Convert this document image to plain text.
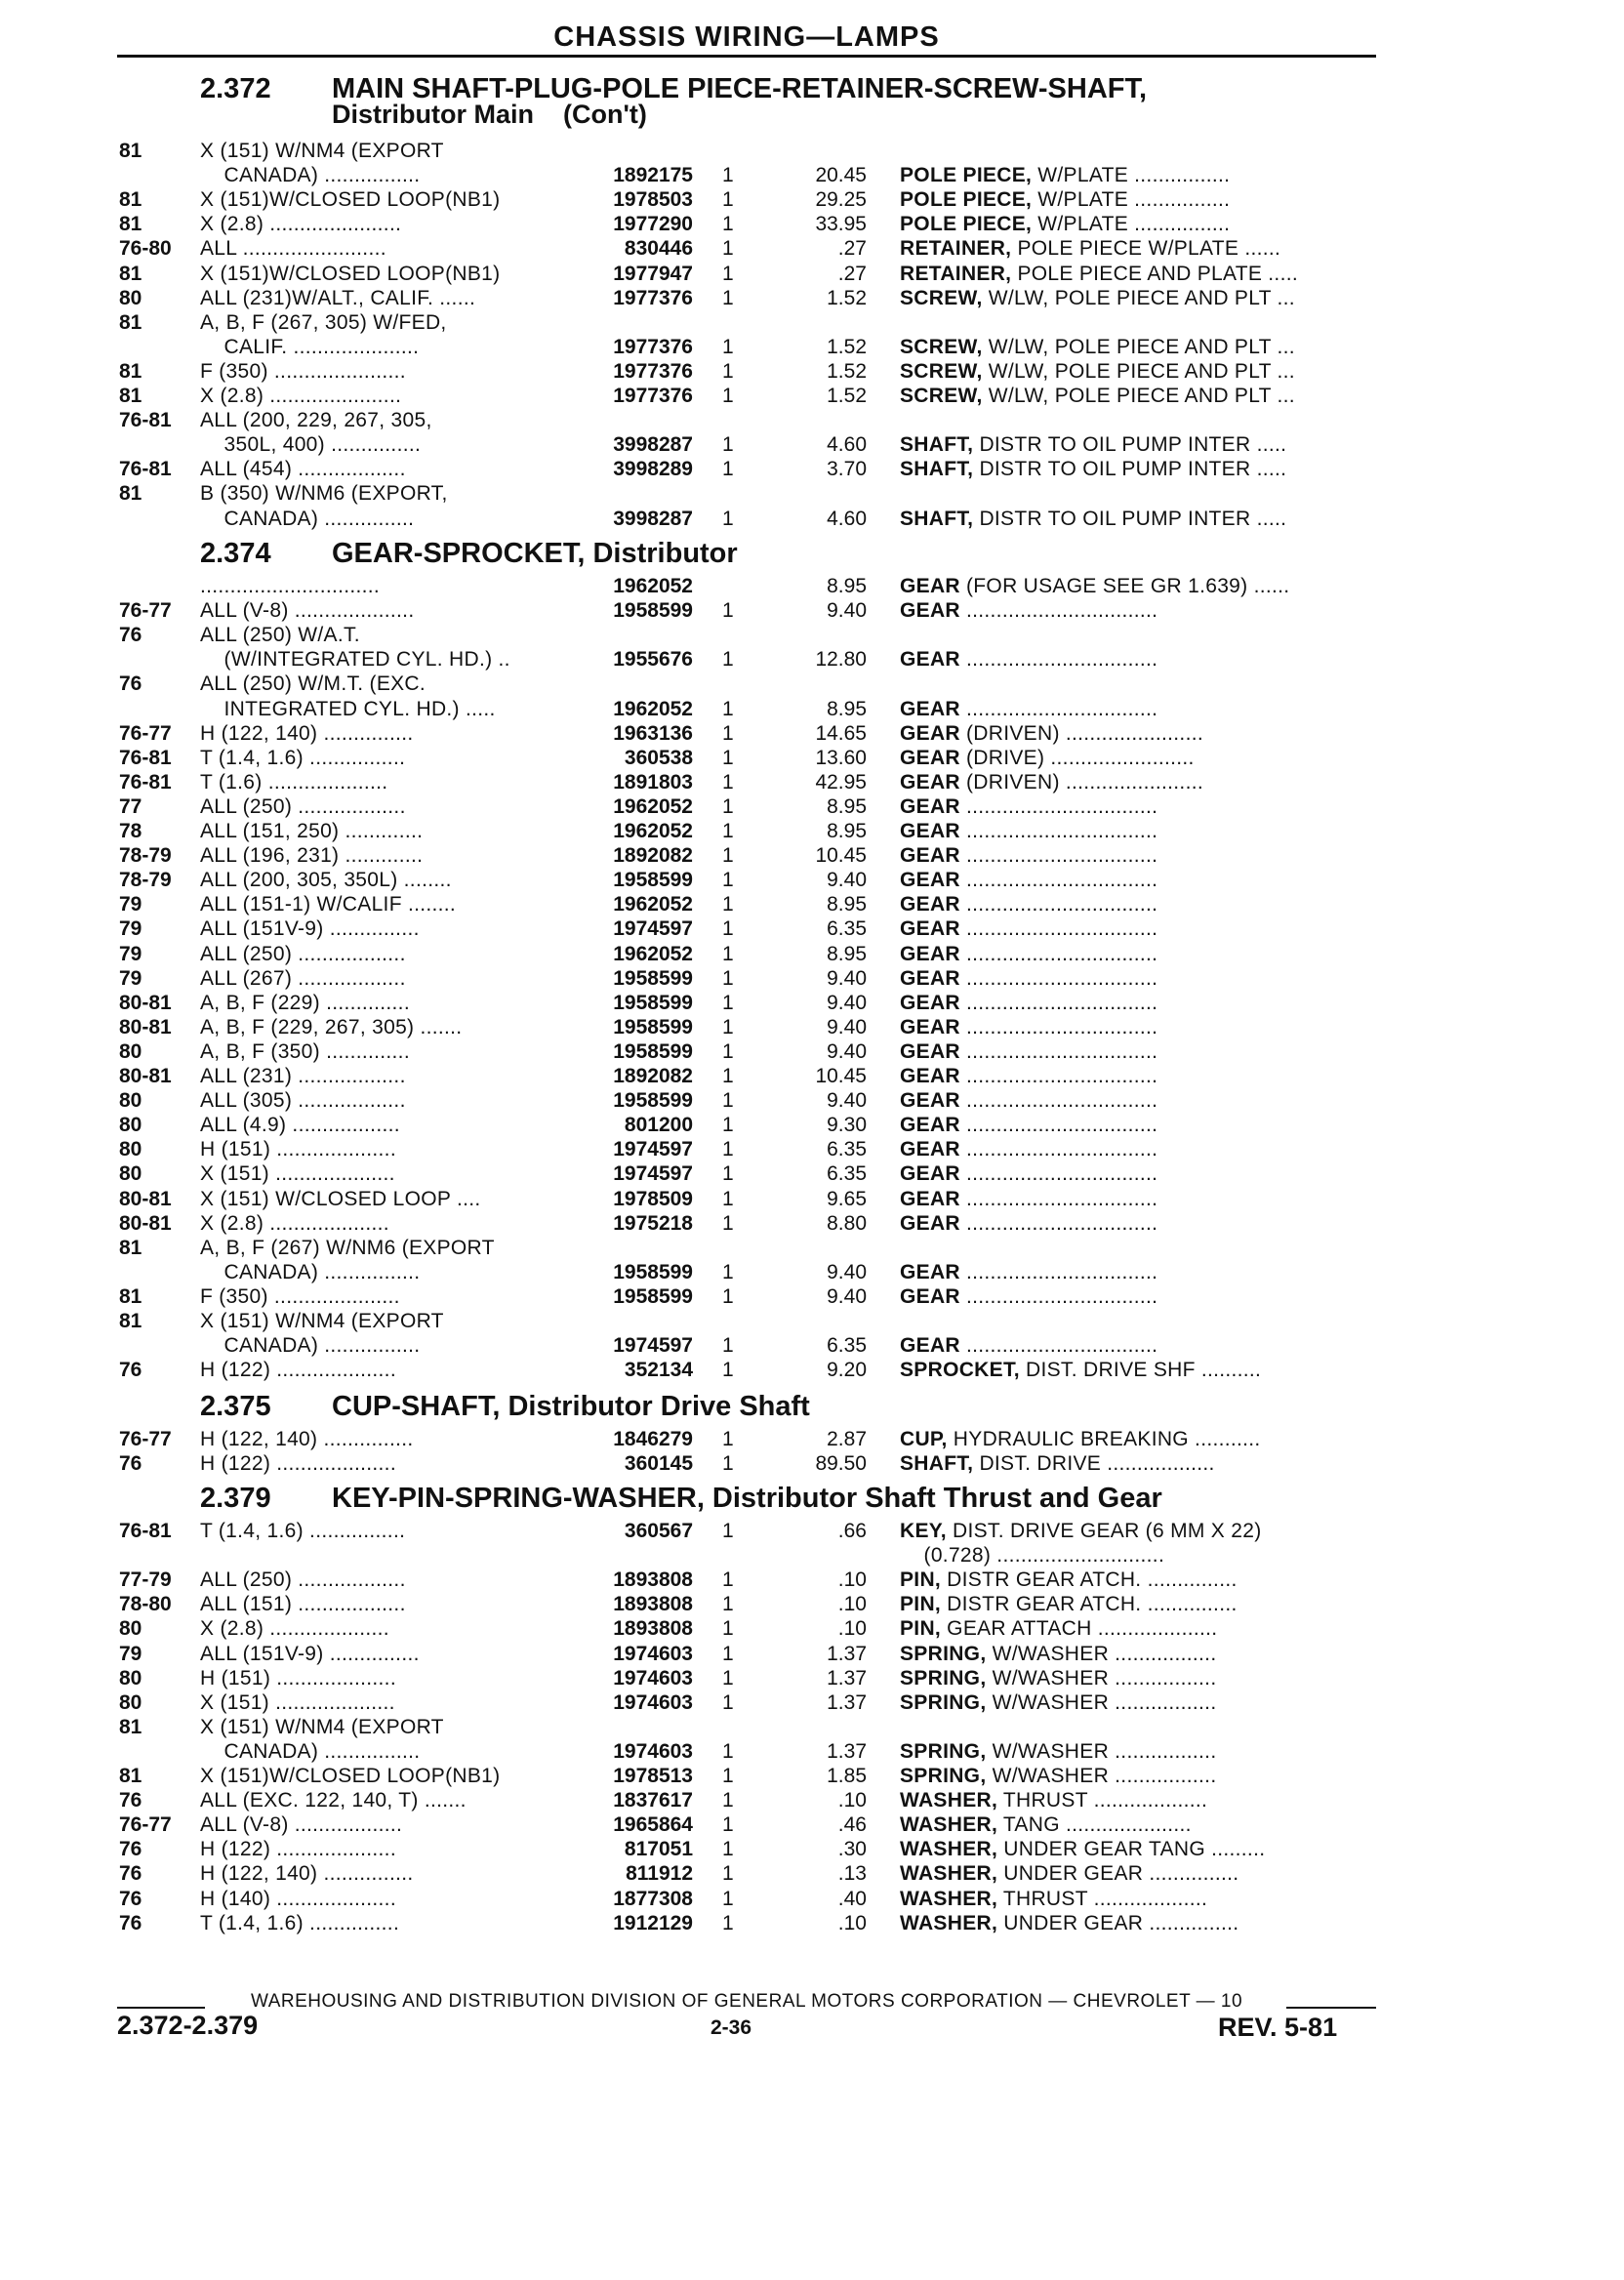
CHASSIS WIRING—LAMPS
2.372 MAIN SHAFT-PLUG-POLE PIECE-RETAINER-SCREW-SHAFT,
Distributor Main    (Con't)
81	X (151) W/NM4 (EXPORT
CANADA) ................	1892175 1	20.45 POLE PIECE, W/PLATE ................
81	X (151)W/CLOSED LOOP(NB1)	1978503 1	29.25 POLE PIECE, W/PLATE ................
81	X (2.8) ......................	1977290 1	33.95 POLE PIECE, W/PLATE ................
76-80	ALL ........................	830446 1	.27 RETAINER, POLE PIECE W/PLATE ......
81	X (151)W/CLOSED LOOP(NB1)	1977947 1	.27 RETAINER, POLE PIECE AND PLATE .....
80	ALL (231)W/ALT., CALIF. ......	1977376 1	1.52 SCREW, W/LW, POLE PIECE AND PLT ...
81	A, B, F (267, 305) W/FED,
CALIF. .....................	1977376 1	1.52 SCREW, W/LW, POLE PIECE AND PLT ...
81	F (350) ......................	1977376 1	1.52 SCREW, W/LW, POLE PIECE AND PLT ...
81	X (2.8) ......................	1977376 1	1.52 SCREW, W/LW, POLE PIECE AND PLT ...
76-81	ALL (200, 229, 267, 305,
350L, 400) ...............	3998287 1	4.60 SHAFT, DISTR TO OIL PUMP INTER .....
76-81	ALL (454) ..................	3998289 1	3.70 SHAFT, DISTR TO OIL PUMP INTER .....
81	B (350) W/NM6 (EXPORT,
CANADA) ...............	3998287 1	4.60 SHAFT, DISTR TO OIL PUMP INTER .....
2.374 GEAR-SPROCKET, Distributor
..............................	1962052	8.95 GEAR (FOR USAGE SEE GR 1.639) ......
76-77	ALL (V-8) ....................	1958599 1	9.40 GEAR ................................
76	ALL (250) W/A.T.
(W/INTEGRATED CYL. HD.) ..	1955676 1	12.80 GEAR ................................
76	ALL (250) W/M.T. (EXC.
INTEGRATED CYL. HD.) .....	1962052 1	8.95 GEAR ................................
76-77	H (122, 140) ...............	1963136 1	14.65 GEAR (DRIVEN) .......................
76-81	T (1.4, 1.6) ................	360538 1	13.60 GEAR (DRIVE) ........................
76-81	T (1.6) ....................	1891803 1	42.95 GEAR (DRIVEN) .......................
77	ALL (250) ..................	1962052 1	8.95 GEAR ................................
78	ALL (151, 250) .............	1962052 1	8.95 GEAR ................................
78-79	ALL (196, 231) .............	1892082 1	10.45 GEAR ................................
78-79	ALL (200, 305, 350L) ........	1958599 1	9.40 GEAR ................................
79	ALL (151-1) W/CALIF ........	1962052 1	8.95 GEAR ................................
79	ALL (151V-9) ...............	1974597 1	6.35 GEAR ................................
79	ALL (250) ..................	1962052 1	8.95 GEAR ................................
79	ALL (267) ..................	1958599 1	9.40 GEAR ................................
80-81	A, B, F (229) ..............	1958599 1	9.40 GEAR ................................
80-81	A, B, F (229, 267, 305) .......	1958599 1	9.40 GEAR ................................
80	A, B, F (350) ..............	1958599 1	9.40 GEAR ................................
80-81	ALL (231) ..................	1892082 1	10.45 GEAR ................................
80	ALL (305) ..................	1958599 1	9.40 GEAR ................................
80	ALL (4.9) ..................	801200 1	9.30 GEAR ................................
80	H (151) ....................	1974597 1	6.35 GEAR ................................
80	X (151) ....................	1974597 1	6.35 GEAR ................................
80-81	X (151) W/CLOSED LOOP ....	1978509 1	9.65 GEAR ................................
80-81	X (2.8) ....................	1975218 1	8.80 GEAR ................................
81	A, B, F (267) W/NM6 (EXPORT
CANADA) ................	1958599 1	9.40 GEAR ................................
81	F (350) .....................	1958599 1	9.40 GEAR ................................
81	X (151) W/NM4 (EXPORT
CANADA) ................	1974597 1	6.35 GEAR ................................
76	H (122) ....................	352134 1	9.20 SPROCKET, DIST. DRIVE SHF ..........
2.375 CUP-SHAFT, Distributor Drive Shaft
76-77	H (122, 140) ...............	1846279 1	2.87 CUP, HYDRAULIC BREAKING ...........
76	H (122) ....................	360145 1	89.50 SHAFT, DIST. DRIVE ..................
2.379 KEY-PIN-SPRING-WASHER, Distributor Shaft Thrust and Gear
76-81	T (1.4, 1.6) ................	360567 1	.66 KEY, DIST. DRIVE GEAR (6 MM X 22)
(0.728) ............................
77-79	ALL (250) ..................	1893808 1	.10 PIN, DISTR GEAR ATCH. ...............
78-80	ALL (151) ..................	1893808 1	.10 PIN, DISTR GEAR ATCH. ...............
80	X (2.8) ....................	1893808 1	.10 PIN, GEAR ATTACH ....................
79	ALL (151V-9) ...............	1974603 1	1.37 SPRING, W/WASHER .................
80	H (151) ....................	1974603 1	1.37 SPRING, W/WASHER .................
80	X (151) ....................	1974603 1	1.37 SPRING, W/WASHER .................
81	X (151) W/NM4 (EXPORT
CANADA) ................	1974603 1	1.37 SPRING, W/WASHER .................
81	X (151)W/CLOSED LOOP(NB1)	1978513 1	1.85 SPRING, W/WASHER .................
76	ALL (EXC. 122, 140, T) .......	1837617 1	.10 WASHER, THRUST ...................
76-77	ALL (V-8) ..................	1965864 1	.46 WASHER, TANG .....................
76	H (122) ....................	817051 1	.30 WASHER, UNDER GEAR TANG .........
76	H (122, 140) ...............	811912 1	.13 WASHER, UNDER GEAR ...............
76	H (140) ....................	1877308 1	.40 WASHER, THRUST ...................
76	T (1.4, 1.6) ...............	1912129 1	.10 WASHER, UNDER GEAR ...............
WAREHOUSING AND DISTRIBUTION DIVISION OF GENERAL MOTORS CORPORATION — CHEVROLET — 10
2.372-2.379	2-36	REV. 5-81
